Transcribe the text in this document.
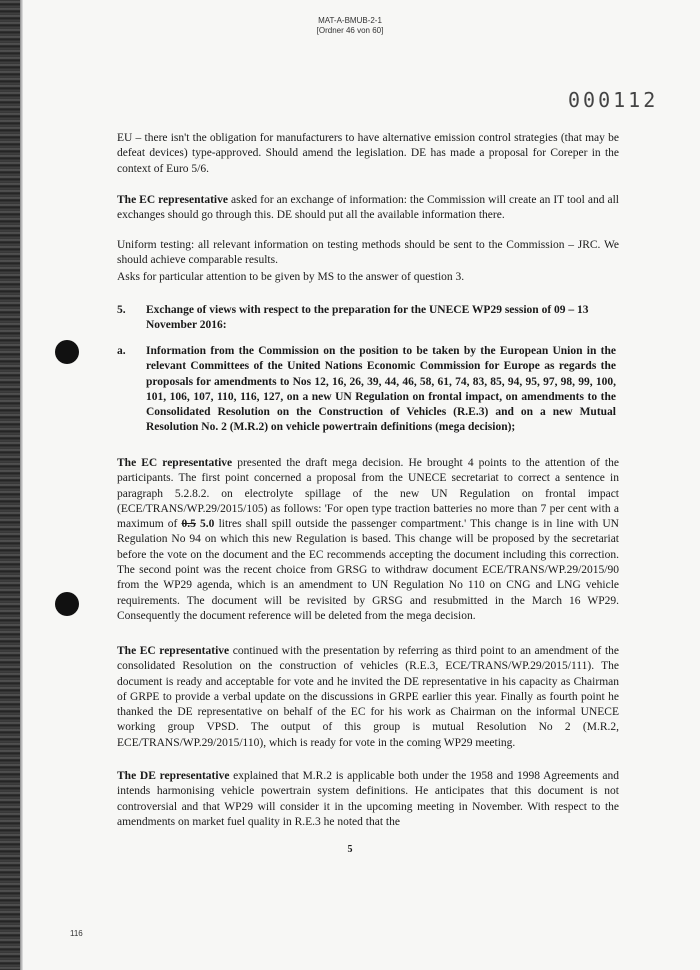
MAT-A-BMUB-2-1
[Ordner 46 von 60]
000112

EU – there isn't the obligation for manufacturers to have alternative emission control strategies (that may be defeat devices) type-approved. Should amend the legislation. DE has made a proposal for Coreper in the context of Euro 5/6.

The EC representative asked for an exchange of information: the Commission will create an IT tool and all exchanges should go through this. DE should put all the available information there.

Uniform testing: all relevant information on testing methods should be sent to the Commission – JRC. We should achieve comparable results.

Asks for particular attention to be given by MS to the answer of question 3.

5. Exchange of views with respect to the preparation for the UNECE WP29 session of 09 – 13 November 2016:
a. Information from the Commission on the position to be taken by the European Union in the relevant Committees of the United Nations Economic Commission for Europe as regards the proposals for amendments to Nos 12, 16, 26, 39, 44, 46, 58, 61, 74, 83, 85, 94, 95, 97, 98, 99, 100, 101, 106, 107, 110, 116, 127, on a new UN Regulation on frontal impact, on amendments to the Consolidated Resolution on the Construction of Vehicles (R.E.3) and on a new Mutual Resolution No. 2 (M.R.2) on vehicle powertrain definitions (mega decision);

The EC representative presented the draft mega decision. He brought 4 points to the attention of the participants. The first point concerned a proposal from the UNECE secretariat to correct a sentence in paragraph 5.2.8.2. on electrolyte spillage of the new UN Regulation on frontal impact (ECE/TRANS/WP.29/2015/105) as follows: 'For open type traction batteries no more than 7 per cent with a maximum of 0.5 5.0 litres shall spill outside the passenger compartment.' This change is in line with UN Regulation No 94 on which this new Regulation is based. This change will be proposed by the secretariat before the vote on the document and the EC recommends accepting the document including this correction. The second point was the recent choice from GRSG to withdraw document ECE/TRANS/WP.29/2015/90 from the WP29 agenda, which is an amendment to UN Regulation No 110 on CNG and LNG vehicle requirements. The document will be revisited by GRSG and resubmitted in the March 16 WP29. Consequently the document reference will be deleted from the mega decision.

The EC representative continued with the presentation by referring as third point to an amendment of the consolidated Resolution on the construction of vehicles (R.E.3, ECE/TRANS/WP.29/2015/111). The document is ready and acceptable for vote and he invited the DE representative in his capacity as Chairman of GRPE to provide a verbal update on the discussions in GRPE earlier this year. Finally as fourth point he thanked the DE representative on behalf of the EC for his work as Chairman on the informal UNECE working group VPSD. The output of this group is mutual Resolution No 2 (M.R.2, ECE/TRANS/WP.29/2015/110), which is ready for vote in the coming WP29 meeting.

The DE representative explained that M.R.2 is applicable both under the 1958 and 1998 Agreements and intends harmonising vehicle powertrain system definitions. He anticipates that this document is not controversial and that WP29 will consider it in the upcoming meeting in November. With respect to the amendments on market fuel quality in R.E.3 he noted that the

5
116
